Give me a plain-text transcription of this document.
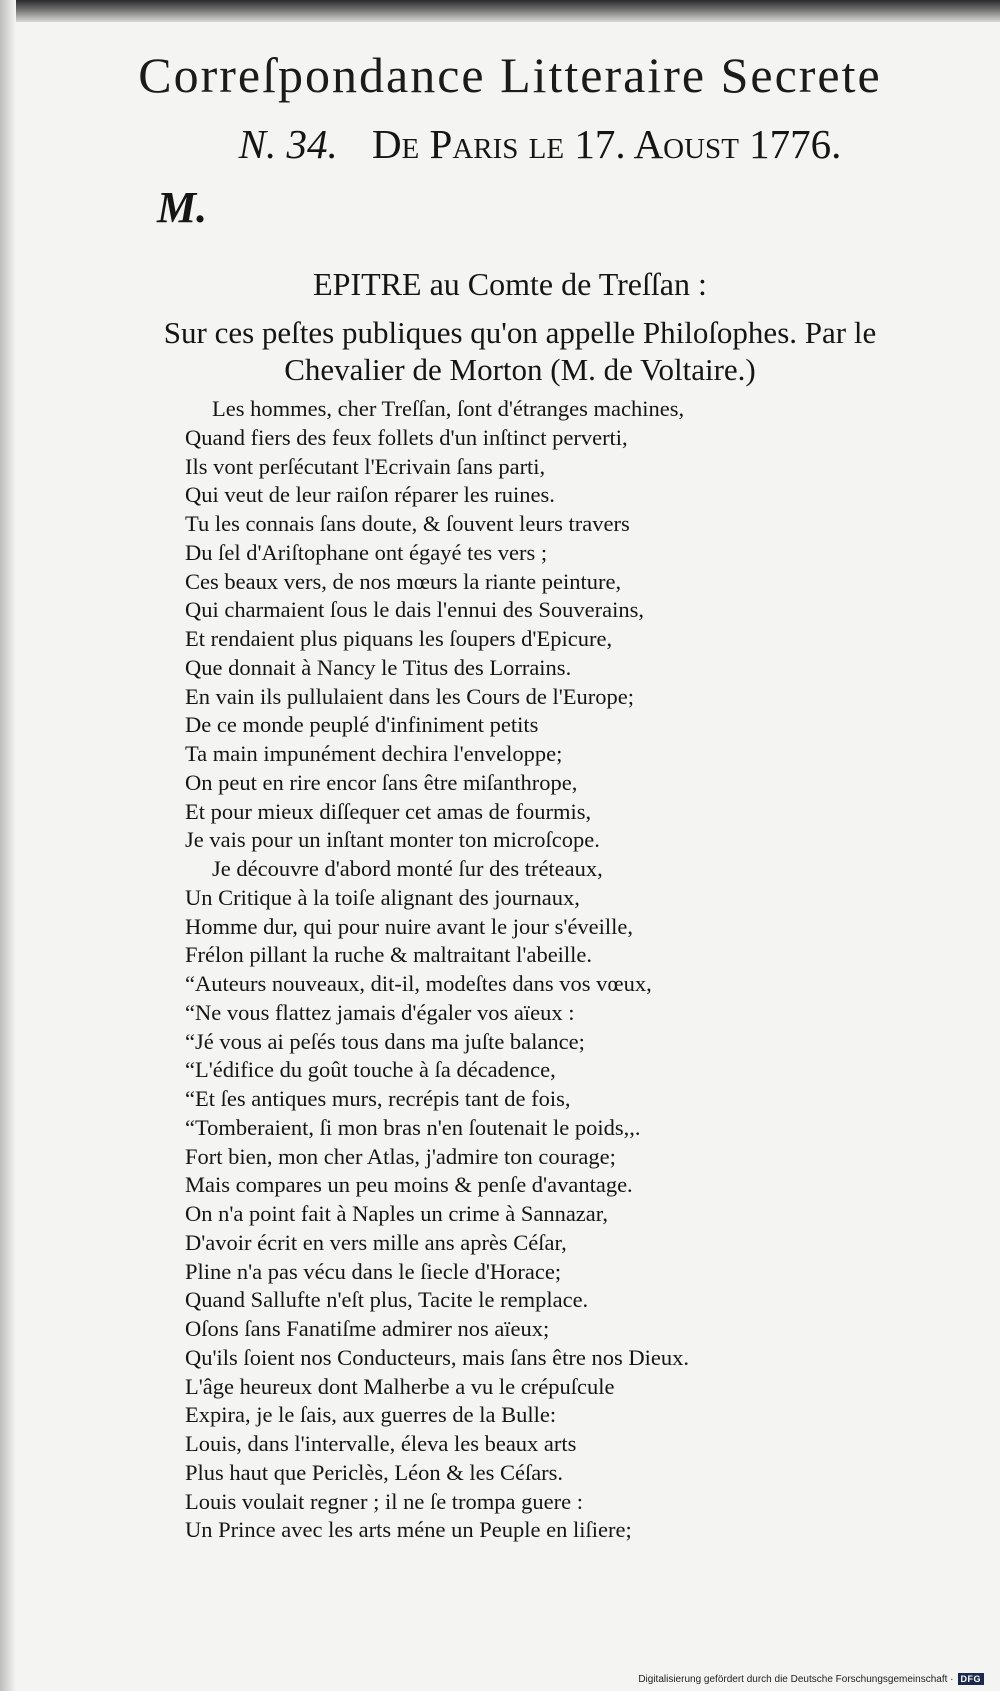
Correſpondance Litteraire Secrete
N. 34. De Paris le 17. Aouſt 1776.
M.
EPITRE au Comte de Treſſan :
Sur ces peſtes publiques qu'on appelle Philoſophes. Par le
Chevalier de Morton (M. de Voltaire.)
Les hommes, cher Treſſan, ſont d'étranges machines,
Quand fiers des feux follets d'un inſtinct perverti,
Ils vont perſécutant l'Ecrivain ſans parti,
Qui veut de leur raiſon réparer les ruines.
Tu les connais ſans doute, & ſouvent leurs travers
Du ſel d'Ariſtophane ont égayé tes vers ;
Ces beaux vers, de nos mœurs la riante peinture,
Qui charmaient ſous le dais l'ennui des Souverains,
Et rendaient plus piquans les ſoupers d'Epicure,
Que donnait à Nancy le Titus des Lorrains.
En vain ils pullulaient dans les Cours de l'Europe;
De ce monde peuplé d'infiniment petits
Ta main impunément dechira l'enveloppe;
On peut en rire encor ſans être miſanthrope,
Et pour mieux diſſequer cet amas de fourmis,
Je vais pour un inſtant monter ton microſcope.
Je découvre d'abord monté ſur des tréteaux,
Un Critique à la toiſe alignant des journaux,
Homme dur, qui pour nuire avant le jour s'éveille,
Frélon pillant la ruche & maltraitant l'abeille.
“Auteurs nouveaux, dit-il, modeſtes dans vos vœux,
“Ne vous flattez jamais d'égaler vos aïeux :
“Jé vous ai peſés tous dans ma juſte balance;
“L'édifice du goût touche à ſa décadence,
“Et ſes antiques murs, recrépis tant de fois,
“Tomberaient, ſi mon bras n'en ſoutenait le poids,,.
Fort bien, mon cher Atlas, j'admire ton courage;
Mais compares un peu moins & penſe d'avantage.
On n'a point fait à Naples un crime à Sannazar,
D'avoir écrit en vers mille ans après Céſar,
Pline n'a pas vécu dans le ſiecle d'Horace;
Quand Sallufte n'eſt plus, Tacite le remplace.
Oſons ſans Fanatiſme admirer nos aïeux;
Qu'ils ſoient nos Conducteurs, mais ſans être nos Dieux.
L'âge heureux dont Malherbe a vu le crépuſcule
Expira, je le ſais, aux guerres de la Bulle:
Louis, dans l'intervalle, éleva les beaux arts
Plus haut que Periclès, Léon & les Céſars.
Louis voulait regner ; il ne ſe trompa guere :
Un Prince avec les arts méne un Peuple en liſiere;
Digitalisierung gefördert durch die Deutsche Forschungsgemeinschaft · DFG
